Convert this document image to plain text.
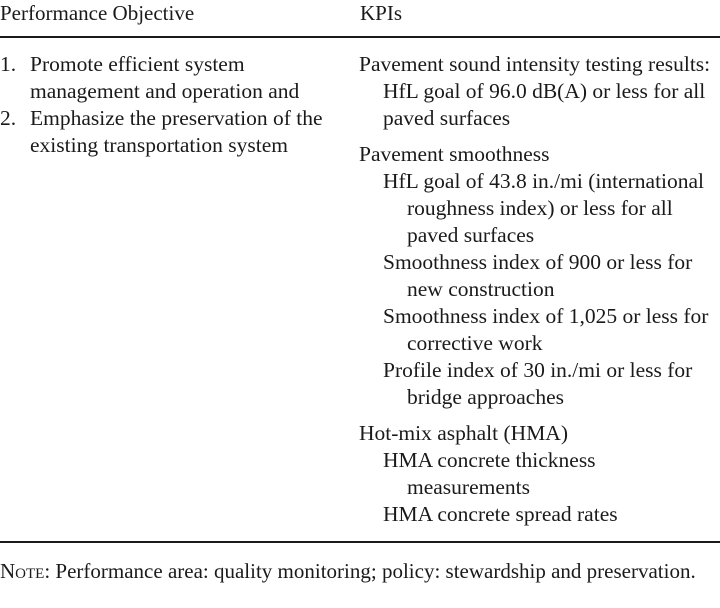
Performance Objective	KPIs
1. Promote efficient system management and operation and
2. Emphasize the preservation of the existing transportation system
Pavement sound intensity testing results: HfL goal of 96.0 dB(A) or less for all paved surfaces
Pavement smoothness
HfL goal of 43.8 in./mi (international roughness index) or less for all paved surfaces
Smoothness index of 900 or less for new construction
Smoothness index of 1,025 or less for corrective work
Profile index of 30 in./mi or less for bridge approaches
Hot-mix asphalt (HMA)
HMA concrete thickness measurements
HMA concrete spread rates
Note: Performance area: quality monitoring; policy: stewardship and preservation.
